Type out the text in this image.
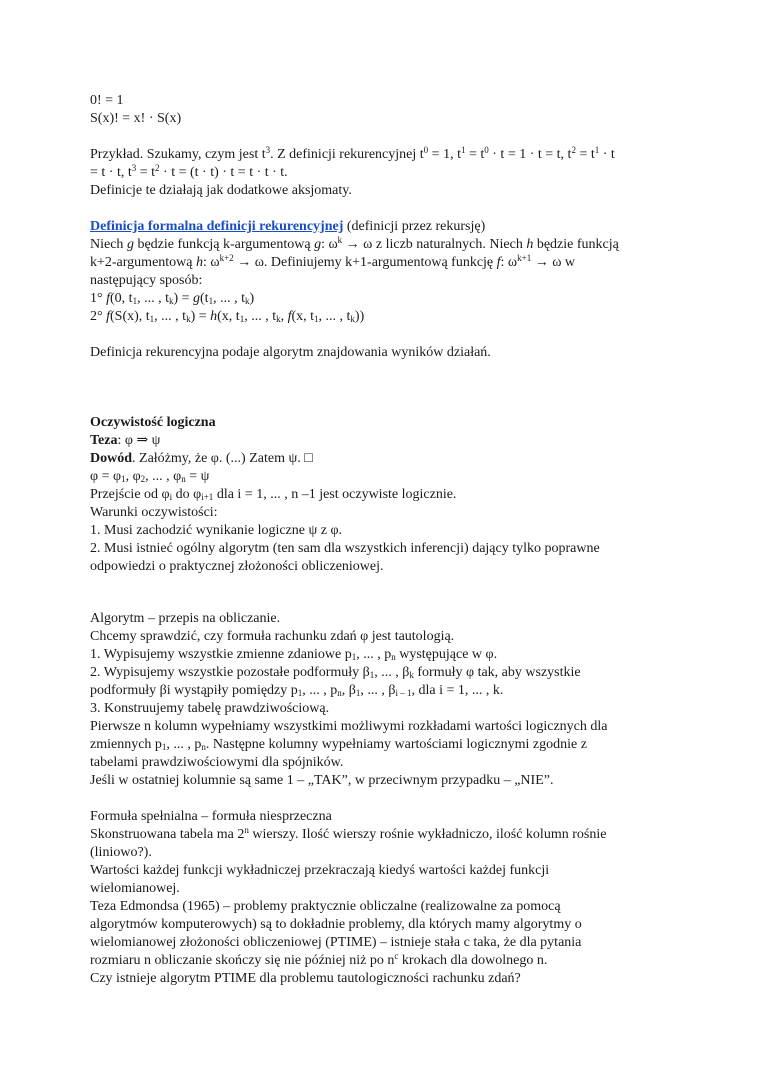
0! = 1
S(x)! = x! · S(x)
Przykład. Szukamy, czym jest $t^3$. Z definicji rekurencyjnej $t^0 = 1$, $t^1 = t^0 \cdot t = 1 \cdot t = t$, $t^2 = t^1 \cdot t$
= t · t, $t^3 = t^2 \cdot t = (t \cdot t) \cdot t = t \cdot t \cdot t$.
Definicje te działają jak dodatkowe aksjomaty.
Definicja formalna definicji rekurencyjnej (definicji przez rekursję)
Niech g będzie funkcją k-argumentową g: $\omega^k \to \omega$ z liczb naturalnych. Niech h będzie funkcją
k+2-argumentową h: $\omega^{k+2} \to \omega$. Definiujemy k+1-argumentową funkcję f: $\omega^{k+1} \to \omega$ w
następujący sposób:
1° f(0, $t_1$, ... , $t_k) = g(t_1$, ... , $t_k$)
2° f(S(x), $t_1$, ... , $t_k) = h(x$, $t_1$, ... , $t_k$, f(x, $t_1$, ... , $t_k$))
Definicja rekurencyjna podaje algorytm znajdowania wyników działań.
Oczywistość logiczna
Teza: φ ⇒ ψ
Dowód. Załóżmy, że φ. (...) Zatem ψ. □
$\varphi = \varphi_1$, $\varphi_2$, ... , $\varphi_n = \psi$
Przejście od $\varphi_i$ do $\varphi_{i+1}$ dla i = 1, ... , n –1 jest oczywiste logicznie.
Warunki oczywistości:
1. Musi zachodzić wynikanie logiczne ψ z φ.
2. Musi istnieć ogólny algorytm (ten sam dla wszystkich inferencji) dający tylko poprawne
odpowiedzi o praktycznej złożoności obliczeniowej.
Algorytm – przepis na obliczanie.
Chcemy sprawdzić, czy formuła rachunku zdań φ jest tautologią.
1. Wypisujemy wszystkie zmienne zdaniowe $p_1$, ... , $p_n$ występujące w φ.
2. Wypisujemy wszystkie pozostałe podformuły $\beta_1$, ... , $\beta_k$ formuły φ tak, aby wszystkie
podformuły βi wystąpiły pomiędzy $p_1$, ... , $p_n$, $\beta_1$, ... , $\beta_{i - 1}$, dla i = 1, ... , k.
3. Konstruujemy tabelę prawdziwościową.
Pierwsze n kolumn wypełniamy wszystkimi możliwymi rozkładami wartości logicznych dla
zmiennych $p_1$, ... , $p_n$. Następne kolumny wypełniamy wartościami logicznymi zgodnie z
tabelami prawdziwościowymi dla spójników.
Jeśli w ostatniej kolumnie są same 1 – „TAK”, w przeciwnym przypadku – „NIE”.
Formuła spełnialna – formuła niesprzeczna
Skonstruowana tabela ma 2$^n$ wierszy. Ilość wierszy rośnie wykładniczo, ilość kolumn rośnie
(liniowo?).
Wartości każdej funkcji wykładniczej przekraczają kiedyś wartości każdej funkcji
wielomianowej.
Teza Edmondsa (1965) – problemy praktycznie obliczalne (realizowalne za pomocą
algorytmów komputerowych) są to dokładnie problemy, dla których mamy algorytmy o
wielomianowej złożoności obliczeniowej (PTIME) – istnieje stała c taka, że dla pytania
rozmiaru n obliczanie skończy się nie później niż po $n^c$ krokach dla dowolnego n.
Czy istnieje algorytm PTIME dla problemu tautologiczności rachunku zdań?
